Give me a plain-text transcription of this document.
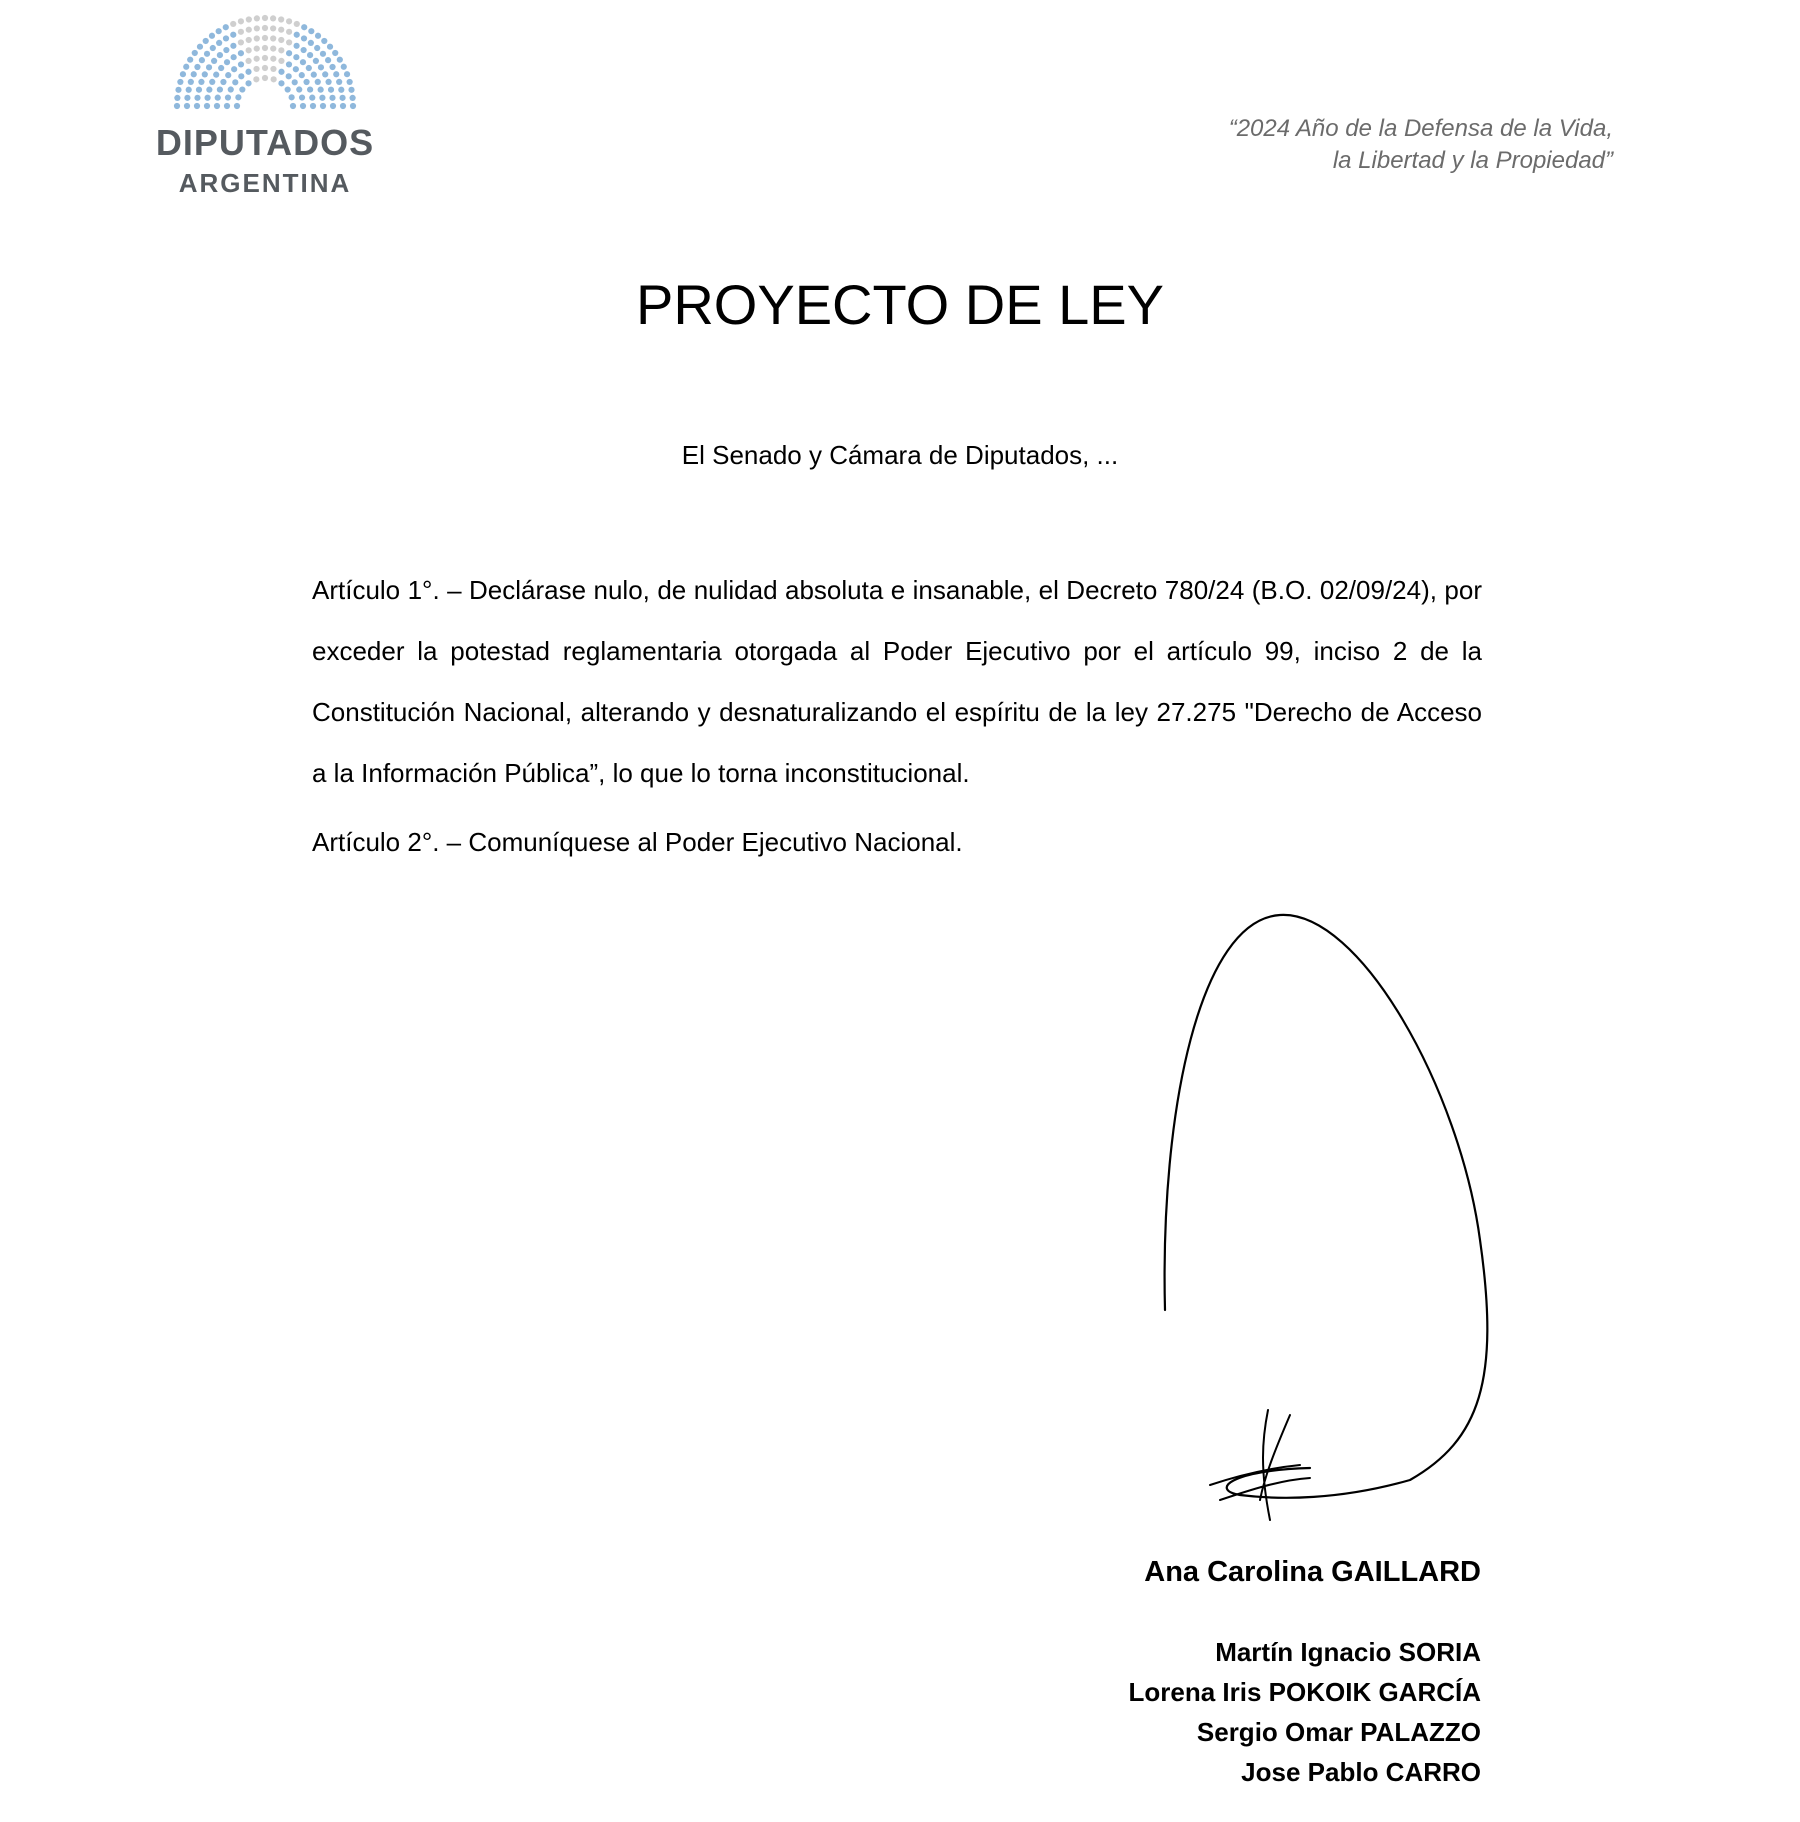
DIPUTADOS
ARGENTINA
“2024 Año de la Defensa de la Vida,
la Libertad y la Propiedad”
PROYECTO DE LEY
El Senado y Cámara de Diputados, ...

Artículo 1°. – Declárase nulo, de nulidad absoluta e insanable, el Decreto 780/24 (B.O. 02/09/24), por exceder la potestad reglamentaria otorgada al Poder Ejecutivo por el artículo 99, inciso 2 de la Constitución Nacional, alterando y desnaturalizando el espíritu de la ley 27.275 "Derecho de Acceso a la Información Pública”, lo que lo torna inconstitucional.

Artículo 2°. – Comuníquese al Poder Ejecutivo Nacional.

Ana Carolina GAILLARD
Martín Ignacio SORIA
Lorena Iris POKOIK GARCÍA
Sergio Omar PALAZZO
Jose Pablo CARRO
